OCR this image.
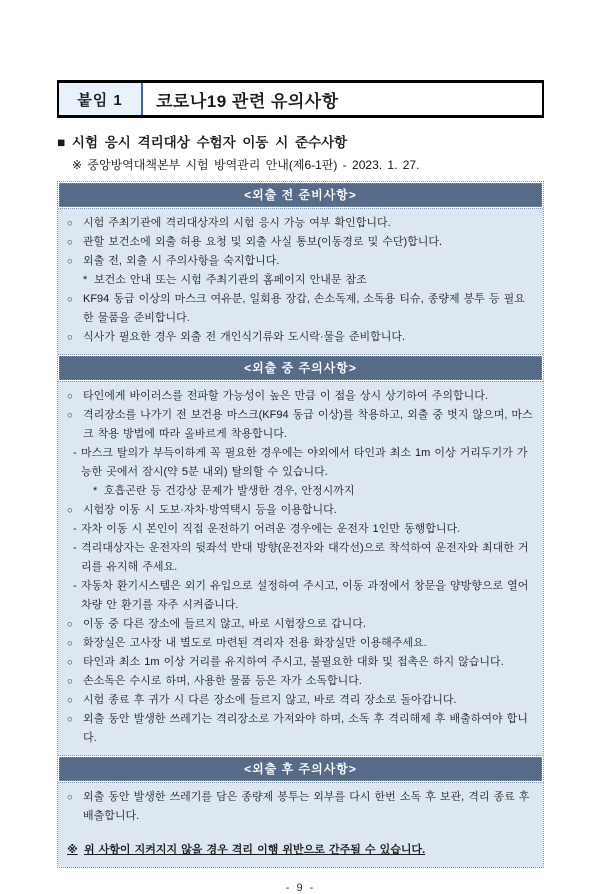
붙임 1	코로나19 관련 유의사항
■ 시험 응시 격리대상 수험자 이동 시 준수사항
※ 중앙방역대책본부 시험 방역관리 안내(제6-1판) - 2023. 1. 27.
<외출 전 준비사항>
○ 시험 주최기관에 격리대상자의 시험 응시 가능 여부 확인합니다.
○ 관할 보건소에 외출 허용 요청 및 외출 사실 통보(이동경로 및 수단)합니다.
○ 외출 전, 외출 시 주의사항을 숙지합니다.
* 보건소 안내 또는 시험 주최기관의 홈페이지 안내문 참조
○ KF94 동급 이상의 마스크 여유분, 일회용 장갑, 손소독제, 소독용 티슈, 종량제 봉투 등 필요한 물품을 준비합니다.
○ 식사가 필요한 경우 외출 전 개인식기류와 도시락·물을 준비합니다.
<외출 중 주의사항>
○ 타인에게 바이러스를 전파할 가능성이 높은 만큼 이 점을 상시 상기하여 주의합니다.
○ 격리장소를 나가기 전 보건용 마스크(KF94 동급 이상)를 착용하고, 외출 중 벗지 않으며, 마스크 착용 방법에 따라 올바르게 착용합니다.
- 마스크 탈의가 부득이하게 꼭 필요한 경우에는 야외에서 타인과 최소 1m 이상 거리두기가 가능한 곳에서 잠시(약 5분 내외) 탈의할 수 있습니다.
* 호흡곤란 등 건강상 문제가 발생한 경우, 안정시까지
○ 시험장 이동 시 도보·자차·방역택시 등을 이용합니다.
- 자차 이동 시 본인이 직접 운전하기 어려운 경우에는 운전자 1인만 동행합니다.
- 격리대상자는 운전자의 뒷좌석 반대 방향(운전자와 대각선)으로 착석하여 운전자와 최대한 거리를 유지해 주세요.
- 자동차 환기시스템은 외기 유입으로 설정하여 주시고, 이동 과정에서 창문을 양방향으로 열어 차량 안 환기를 자주 시켜줍니다.
○ 이동 중 다른 장소에 들르지 않고, 바로 시험장으로 갑니다.
○ 화장실은 고사장 내 별도로 마련된 격리자 전용 화장실만 이용해주세요.
○ 타인과 최소 1m 이상 거리를 유지하여 주시고, 불필요한 대화 및 접촉은 하지 않습니다.
○ 손소독은 수시로 하며, 사용한 물품 등은 자가 소독합니다.
○ 시험 종료 후 귀가 시 다른 장소에 들르지 않고, 바로 격리 장소로 돌아갑니다.
○ 외출 동안 발생한 쓰레기는 격리장소로 가져와야 하며, 소독 후 격리해제 후 배출하여야 합니다.
<외출 후 주의사항>
○ 외출 동안 발생한 쓰레기를 담은 종량제 봉투는 외부를 다시 한번 소독 후 보관, 격리 종료 후 배출합니다.
※ 위 사항이 지켜지지 않을 경우 격리 이행 위반으로 간주될 수 있습니다.
- 9 -
